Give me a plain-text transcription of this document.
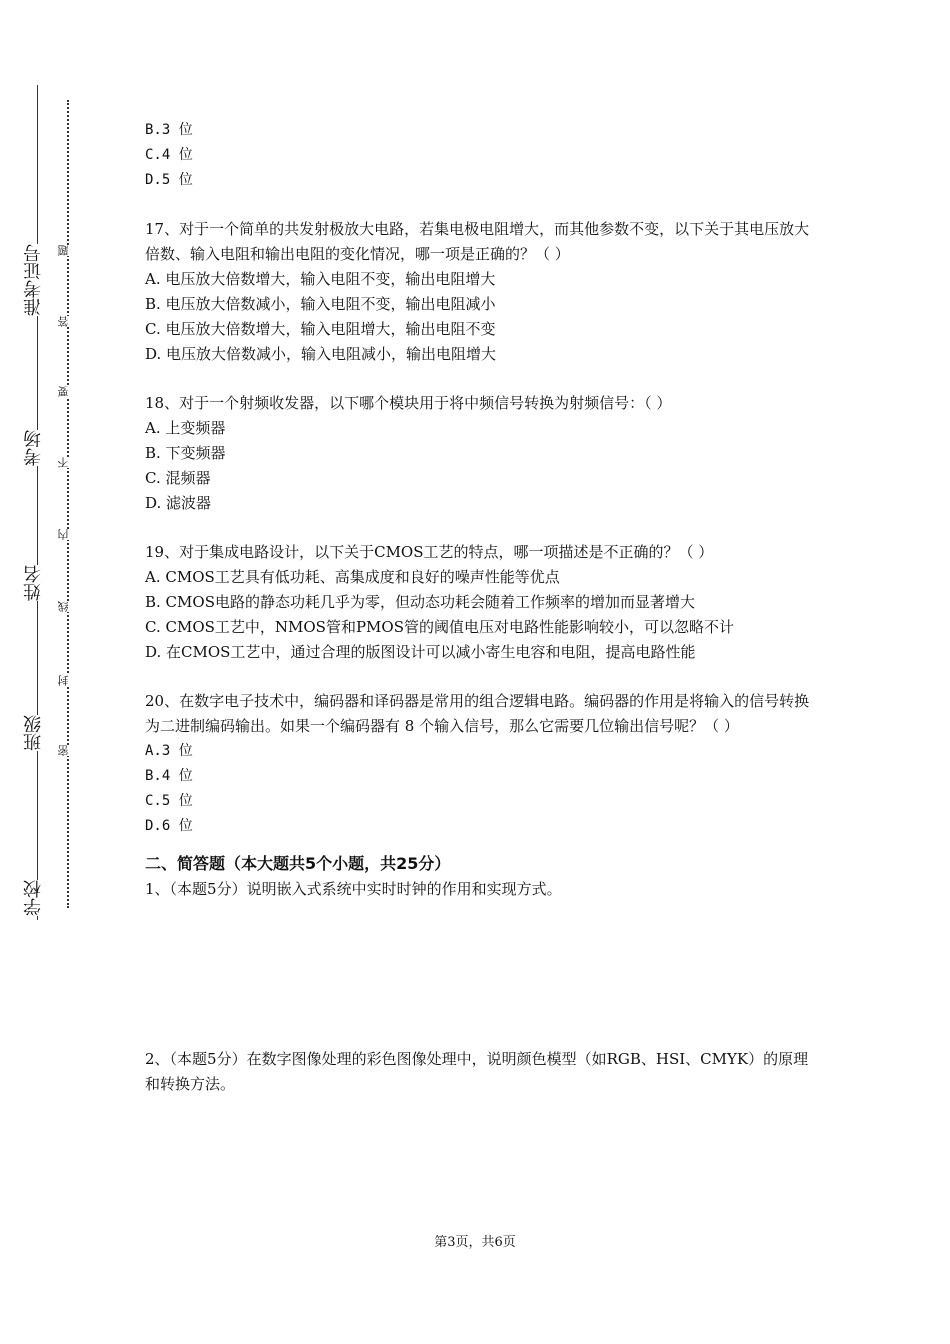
准考证号
考场
姓名
班级
学校
题
答
要
不
内
线
封
密

B.3 位

C.4 位

D.5 位

17、对于一个简单的共发射极放大电路，若集电极电阻增大，而其他参数不变，以下关于其电压放大倍数、输入电阻和输出电阻的变化情况，哪一项是正确的？（ ）

A. 电压放大倍数增大，输入电阻不变，输出电阻增大

B. 电压放大倍数减小，输入电阻不变，输出电阻减小

C. 电压放大倍数增大，输入电阻增大，输出电阻不变

D. 电压放大倍数减小，输入电阻减小，输出电阻增大

18、对于一个射频收发器，以下哪个模块用于将中频信号转换为射频信号：（ ）

A. 上变频器

B. 下变频器

C. 混频器

D. 滤波器

19、对于集成电路设计，以下关于CMOS工艺的特点，哪一项描述是不正确的？（ ）

A. CMOS工艺具有低功耗、高集成度和良好的噪声性能等优点

B. CMOS电路的静态功耗几乎为零，但动态功耗会随着工作频率的增加而显著增大

C. CMOS工艺中，NMOS管和PMOS管的阈值电压对电路性能影响较小，可以忽略不计

D. 在CMOS工艺中，通过合理的版图设计可以减小寄生电容和电阻，提高电路性能

20、在数字电子技术中，编码器和译码器是常用的组合逻辑电路。编码器的作用是将输入的信号转换为二进制编码输出。如果一个编码器有 8 个输入信号，那么它需要几位输出信号呢？（ ）

A.3 位

B.4 位

C.5 位

D.6 位

二、简答题（本大题共5个小题，共25分）

1、（本题5分）说明嵌入式系统中实时时钟的作用和实现方式。

2、（本题5分）在数字图像处理的彩色图像处理中，说明颜色模型（如RGB、HSI、CMYK）的原理和转换方法。

第3页，共6页
